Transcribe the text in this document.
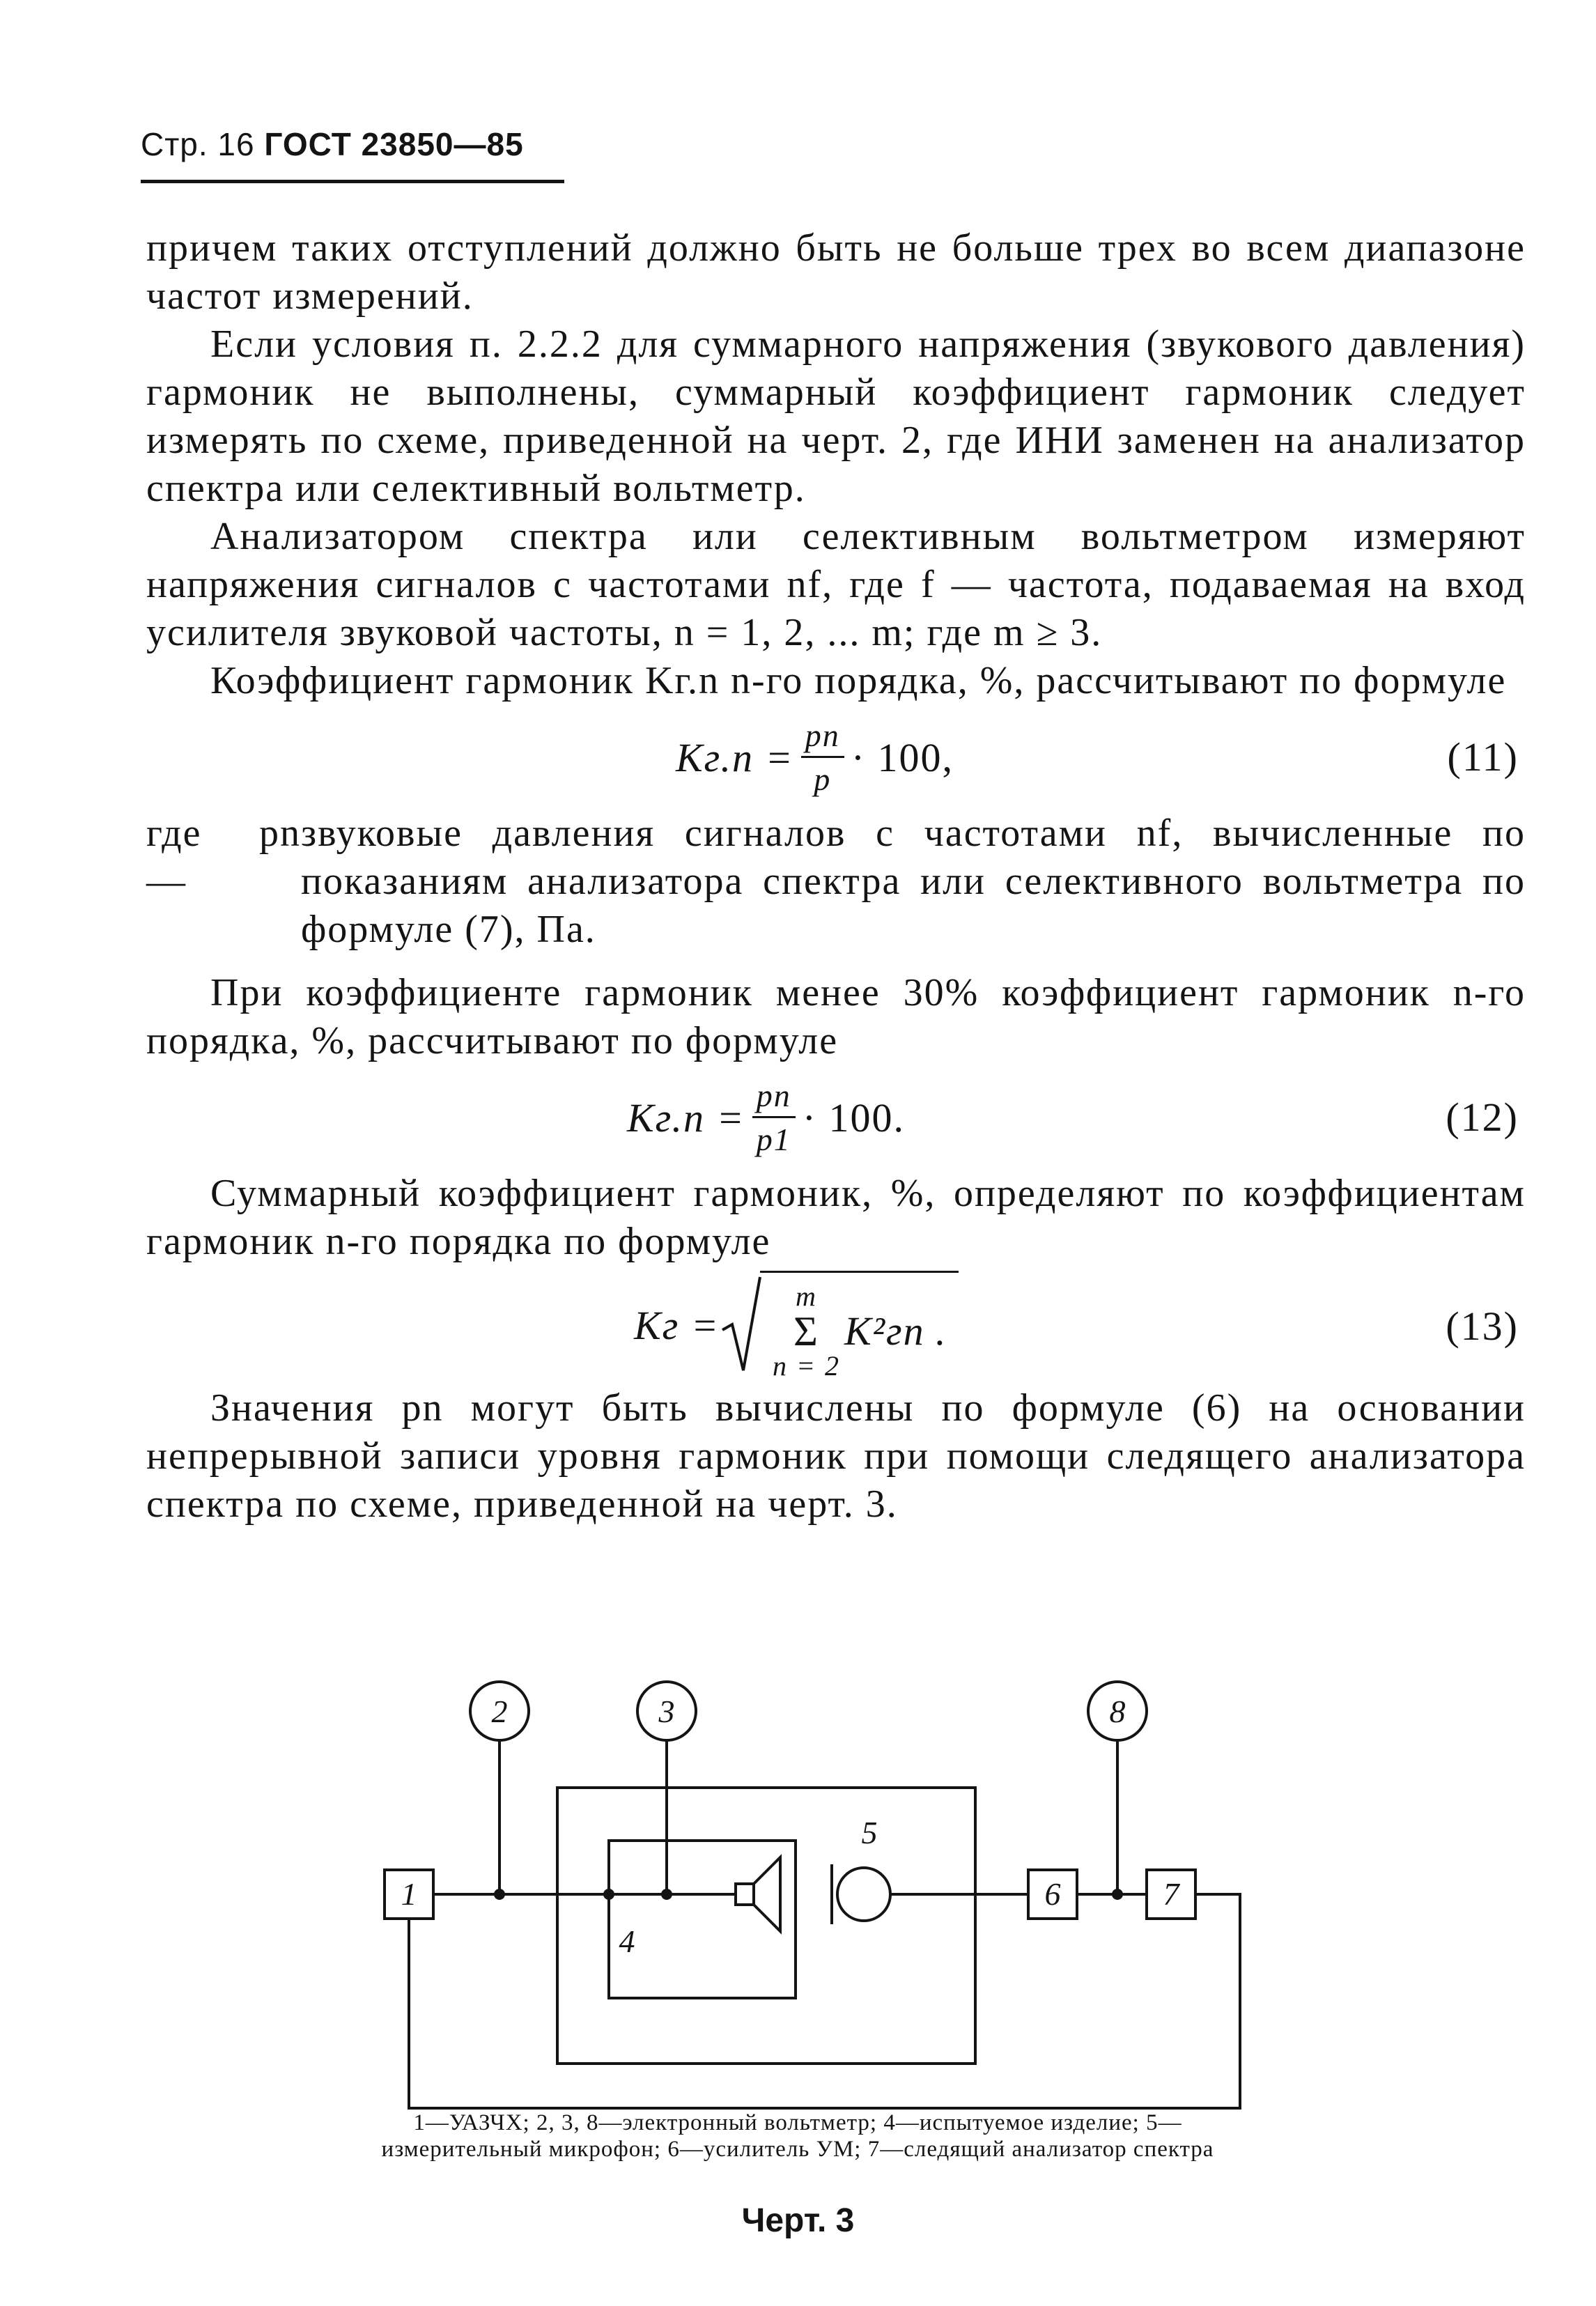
Стр. 16 ГОСТ 23850—85

причем таких отступлений должно быть не больше трех во всем диапазоне частот измерений.

Если условия п. 2.2.2 для суммарного напряжения (звукового давления) гармоник не выполнены, суммарный коэффициент гармоник следует измерять по схеме, приведенной на черт. 2, где ИНИ заменен на анализатор спектра или селективный вольтметр.

Анализатором спектра или селективным вольтметром измеряют напряжения сигналов с частотами nf, где f — частота, подаваемая на вход усилителя звуковой частоты, n = 1, 2, ... m; где m ≥ 3.

Коэффициент гармоник Kг.n n-го порядка, %, рассчитывают по формуле

$Kг.n = \frac{pn}{p} \cdot 100$,	(11)
где pn —
звуковые давления сигналов с частотами nf, вычисленные по показаниям анализатора спектра или селективного вольтметра по формуле (7), Па.

При коэффициенте гармоник менее 30% коэффициент гармоник n-го порядка, %, рассчитывают по формуле

$Kг.n = \frac{pn}{p1} \cdot 100$.	(12)

Суммарный коэффициент гармоник, %, определяют по коэффициентам гармоник n-го порядка по формуле

Kг =
m
Σ
n = 2
K²гn .	(13)

Значения pn могут быть вычислены по формуле (6) на основании непрерывной записи уровня гармоник при помощи следящего анализатора спектра по схеме, приведенной на черт. 3.

1
2	3
4
5
6	7
8
1—УАЗЧХ; 2, 3, 8—электронный вольтметр; 4—испытуемое изделие; 5—измерительный микрофон; 6—усилитель УМ; 7—следящий анализатор спектра
Черт. 3
